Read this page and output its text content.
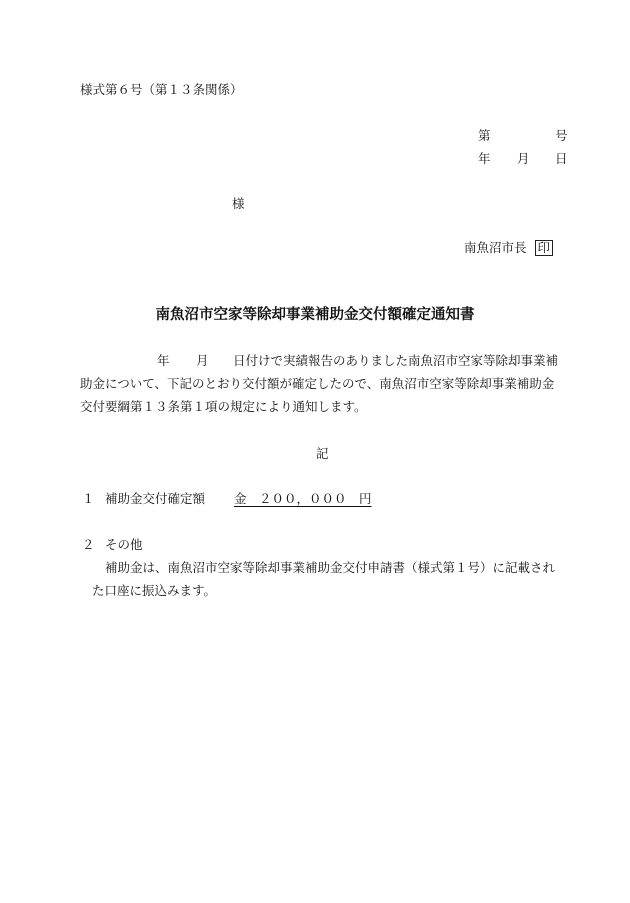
様式第６号（第１３条関係）
第	号
年 月 日
様
南魚沼市長 印
南魚沼市空家等除却事業補助金交付額確定通知書
年 月 日付けで実績報告のありました南魚沼市空家等除却事業補
助金について、下記のとおり交付額が確定したので、南魚沼市空家等除却事業補助金
交付要綱第１３条第１項の規定により通知します。
記
１ 補助金交付確定額 金　２００，０００　円
２ その他
補助金は、南魚沼市空家等除却事業補助金交付申請書（様式第１号）に記載され
た口座に振込みます。
